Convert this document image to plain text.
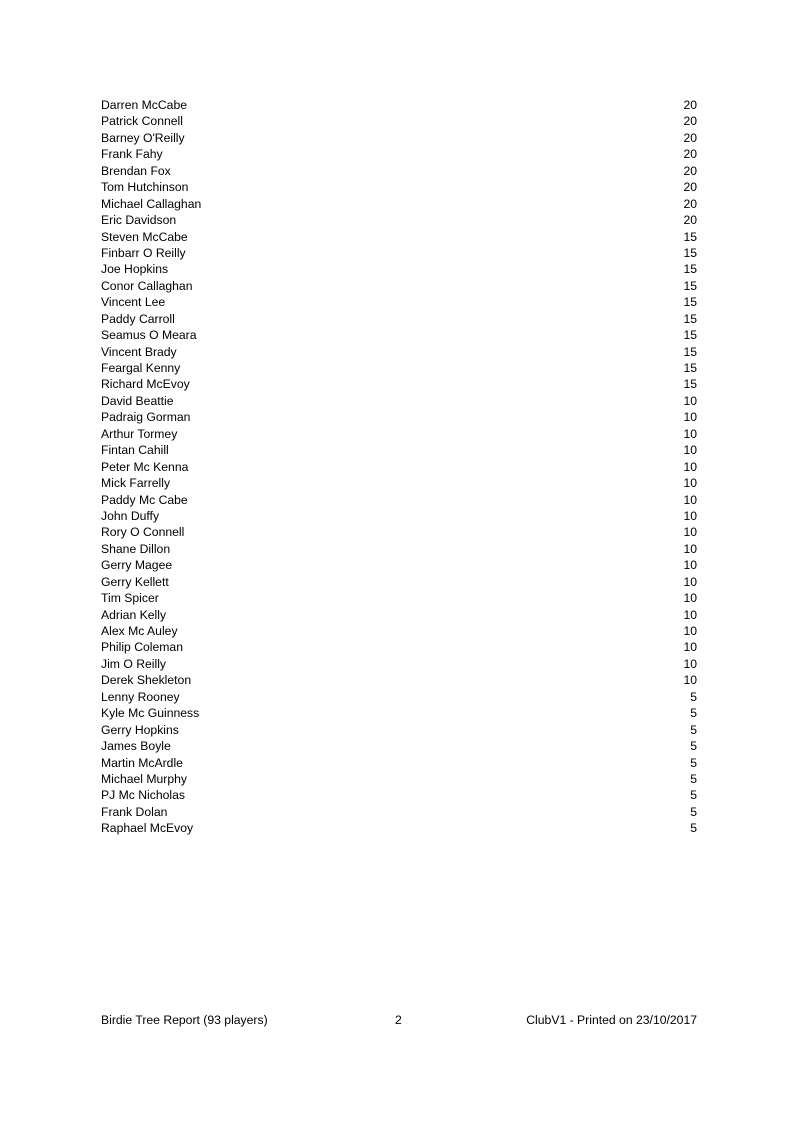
Darren McCabe	20
Patrick Connell	20
Barney O'Reilly	20
Frank Fahy	20
Brendan Fox	20
Tom Hutchinson	20
Michael Callaghan	20
Eric Davidson	20
Steven McCabe	15
Finbarr O Reilly	15
Joe Hopkins	15
Conor Callaghan	15
Vincent Lee	15
Paddy Carroll	15
Seamus O Meara	15
Vincent Brady	15
Feargal Kenny	15
Richard McEvoy	15
David Beattie	10
Padraig Gorman	10
Arthur Tormey	10
Fintan Cahill	10
Peter Mc Kenna	10
Mick Farrelly	10
Paddy Mc Cabe	10
John Duffy	10
Rory O Connell	10
Shane Dillon	10
Gerry Magee	10
Gerry Kellett	10
Tim Spicer	10
Adrian Kelly	10
Alex Mc Auley	10
Philip Coleman	10
Jim O Reilly	10
Derek Shekleton	10
Lenny Rooney	5
Kyle Mc Guinness	5
Gerry Hopkins	5
James Boyle	5
Martin McArdle	5
Michael Murphy	5
PJ Mc Nicholas	5
Frank Dolan	5
Raphael McEvoy	5
Birdie Tree Report (93 players)	2	ClubV1 - Printed on 23/10/2017
